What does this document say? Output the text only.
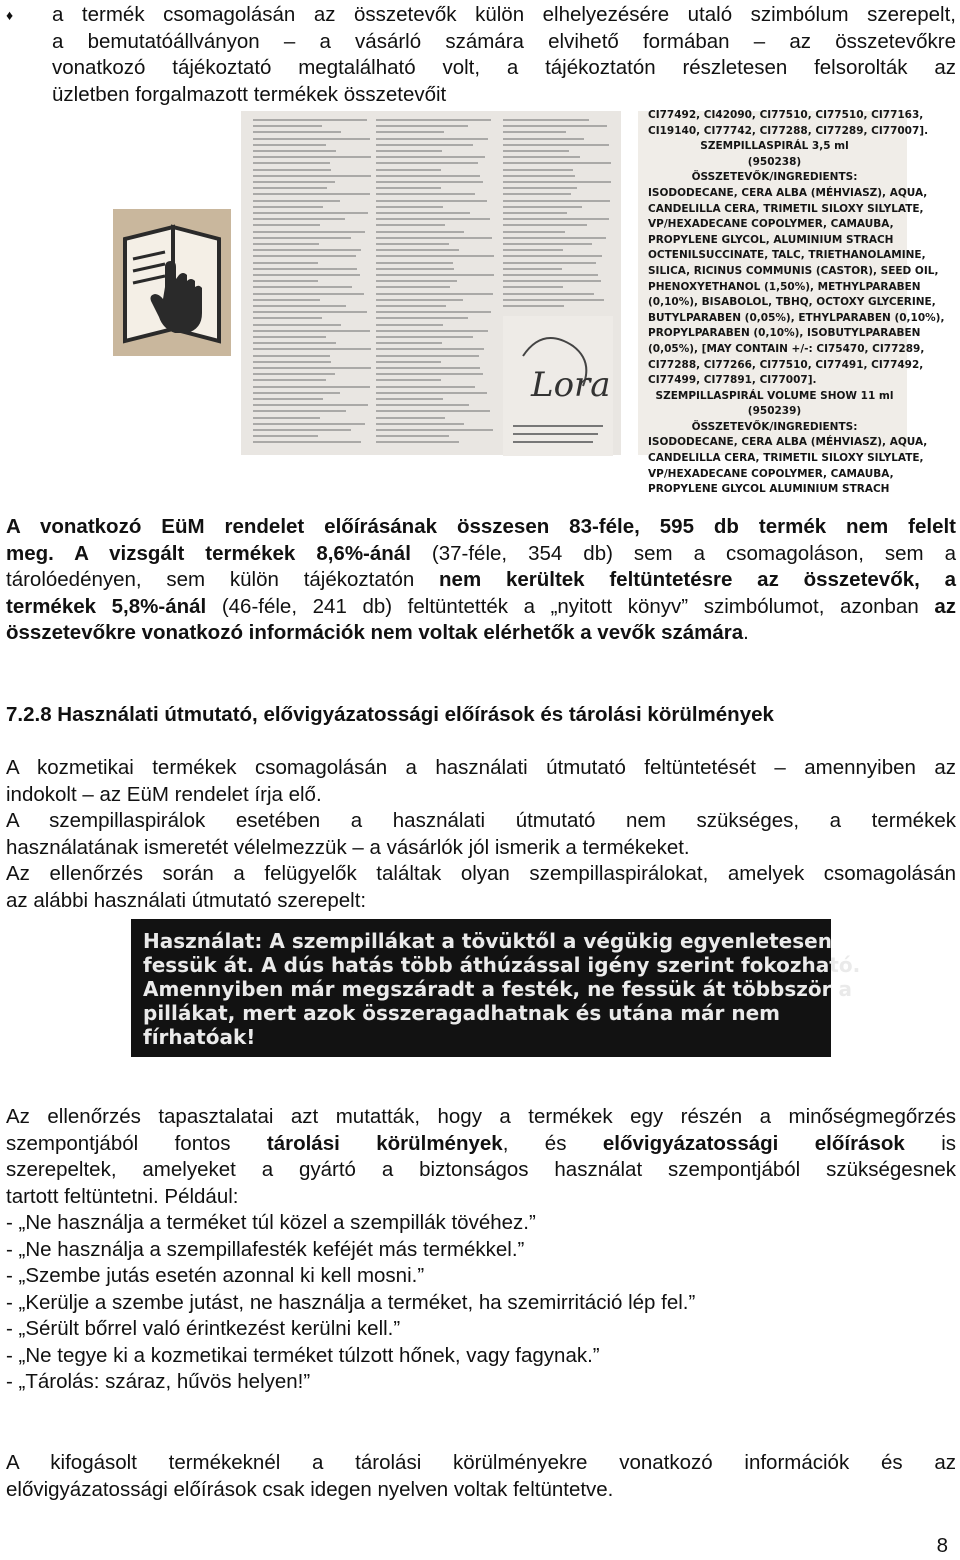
♦ a termék csomagolásán az összetevők külön elhelyezésére utaló szimbólum szerepelt,
a bemutatóállványon – a vásárló számára elvihető formában – az összetevőkre
vonatkozó tájékoztató megtalálható volt, a tájékoztatón részletesen felsorolták az
üzletben forgalmazott termékek összetevőit
Lora
CI77492, CI42090, CI77510, CI77510, CI77163,
CI19140, CI77742, CI77288, CI77289, CI77007].
SZEMPILLASPIRÁL 3,5 ml
(950238)
ÖSSZETEVŐK/INGREDIENTS:
ISODODECANE, CERA ALBA (MÉHVIASZ), AQUA,
CANDELILLA CERA, TRIMETIL SILOXY SILYLATE,
VP/HEXADECANE COPOLYMER, CAMAUBA,
PROPYLENE GLYCOL, ALUMINIUM STRACH
OCTENILSUCCINATE, TALC, TRIETHANOLAMINE,
SILICA, RICINUS COMMUNIS (CASTOR), SEED OIL,
PHENOXYETHANOL (1,50%), METHYLPARABEN
(0,10%), BISABOLOL, TBHQ, OCTOXY GLYCERINE,
BUTYLPARABEN (0,05%), ETHYLPARABEN (0,10%),
PROPYLPARABEN (0,10%), ISOBUTYLPARABEN
(0,05%), [MAY CONTAIN +/-: CI75470, CI77289,
CI77288, CI77266, CI77510, CI77491, CI77492,
CI77499, CI77891, CI77007].
SZEMPILLASPIRÁL VOLUME SHOW 11 ml
(950239)
ÖSSZETEVŐK/INGREDIENTS:
ISODODECANE, CERA ALBA (MÉHVIASZ), AQUA,
CANDELILLA CERA, TRIMETIL SILOXY SILYLATE,
VP/HEXADECANE COPOLYMER, CAMAUBA,
PROPYLENE GLYCOL ALUMINIUM STRACH
A vonatkozó EüM rendelet előírásának összesen 83-féle, 595 db termék nem felelt
meg. A vizsgált termékek 8,6%-ánál (37-féle, 354 db) sem a csomagoláson, sem a
tárolóedényen, sem külön tájékoztatón nem kerültek feltüntetésre az összetevők, a
termékek 5,8%-ánál (46-féle, 241 db) feltüntették a „nyitott könyv” szimbólumot, azonban az
összetevőkre vonatkozó információk nem voltak elérhetők a vevők számára.
7.2.8 Használati útmutató, elővigyázatossági előírások és tárolási körülmények
A kozmetikai termékek csomagolásán a használati útmutató feltüntetését – amennyiben az
indokolt – az EüM rendelet írja elő.
A szempillaspirálok esetében a használati útmutató nem szükséges, a termékek
használatának ismeretét vélelmezzük – a vásárlók jól ismerik a termékeket.
Az ellenőrzés során a felügyelők találtak olyan szempillaspirálokat, amelyek csomagolásán
az alábbi használati útmutató szerepelt:
Használat: A szempillákat a tövüktől a végükig egyenletesen
fessük át. A dús hatás több áthúzással igény szerint fokozható.
Amennyiben már megszáradt a festék, ne fessük át többször a
pillákat, mert azok összeragadhatnak és utána már nem
fírhatóak!
Az ellenőrzés tapasztalatai azt mutatták, hogy a termékek egy részén a minőségmegőrzés
szempontjából fontos tárolási körülmények, és elővigyázatossági előírások is
szerepeltek, amelyeket a gyártó a biztonságos használat szempontjából szükségesnek
tartott feltüntetni. Például:
- „Ne használja a terméket túl közel a szempillák tövéhez.”
- „Ne használja a szempillafesték keféjét más termékkel.”
- „Szembe jutás esetén azonnal ki kell mosni.”
- „Kerülje a szembe jutást, ne használja a terméket, ha szemirritáció lép fel.”
- „Sérült bőrrel való érintkezést kerülni kell.”
- „Ne tegye ki a kozmetikai terméket túlzott hőnek, vagy fagynak.”
- „Tárolás: száraz, hűvös helyen!”
A kifogásolt termékeknél a tárolási körülményekre vonatkozó információk és az
elővigyázatossági előírások csak idegen nyelven voltak feltüntetve.
8
